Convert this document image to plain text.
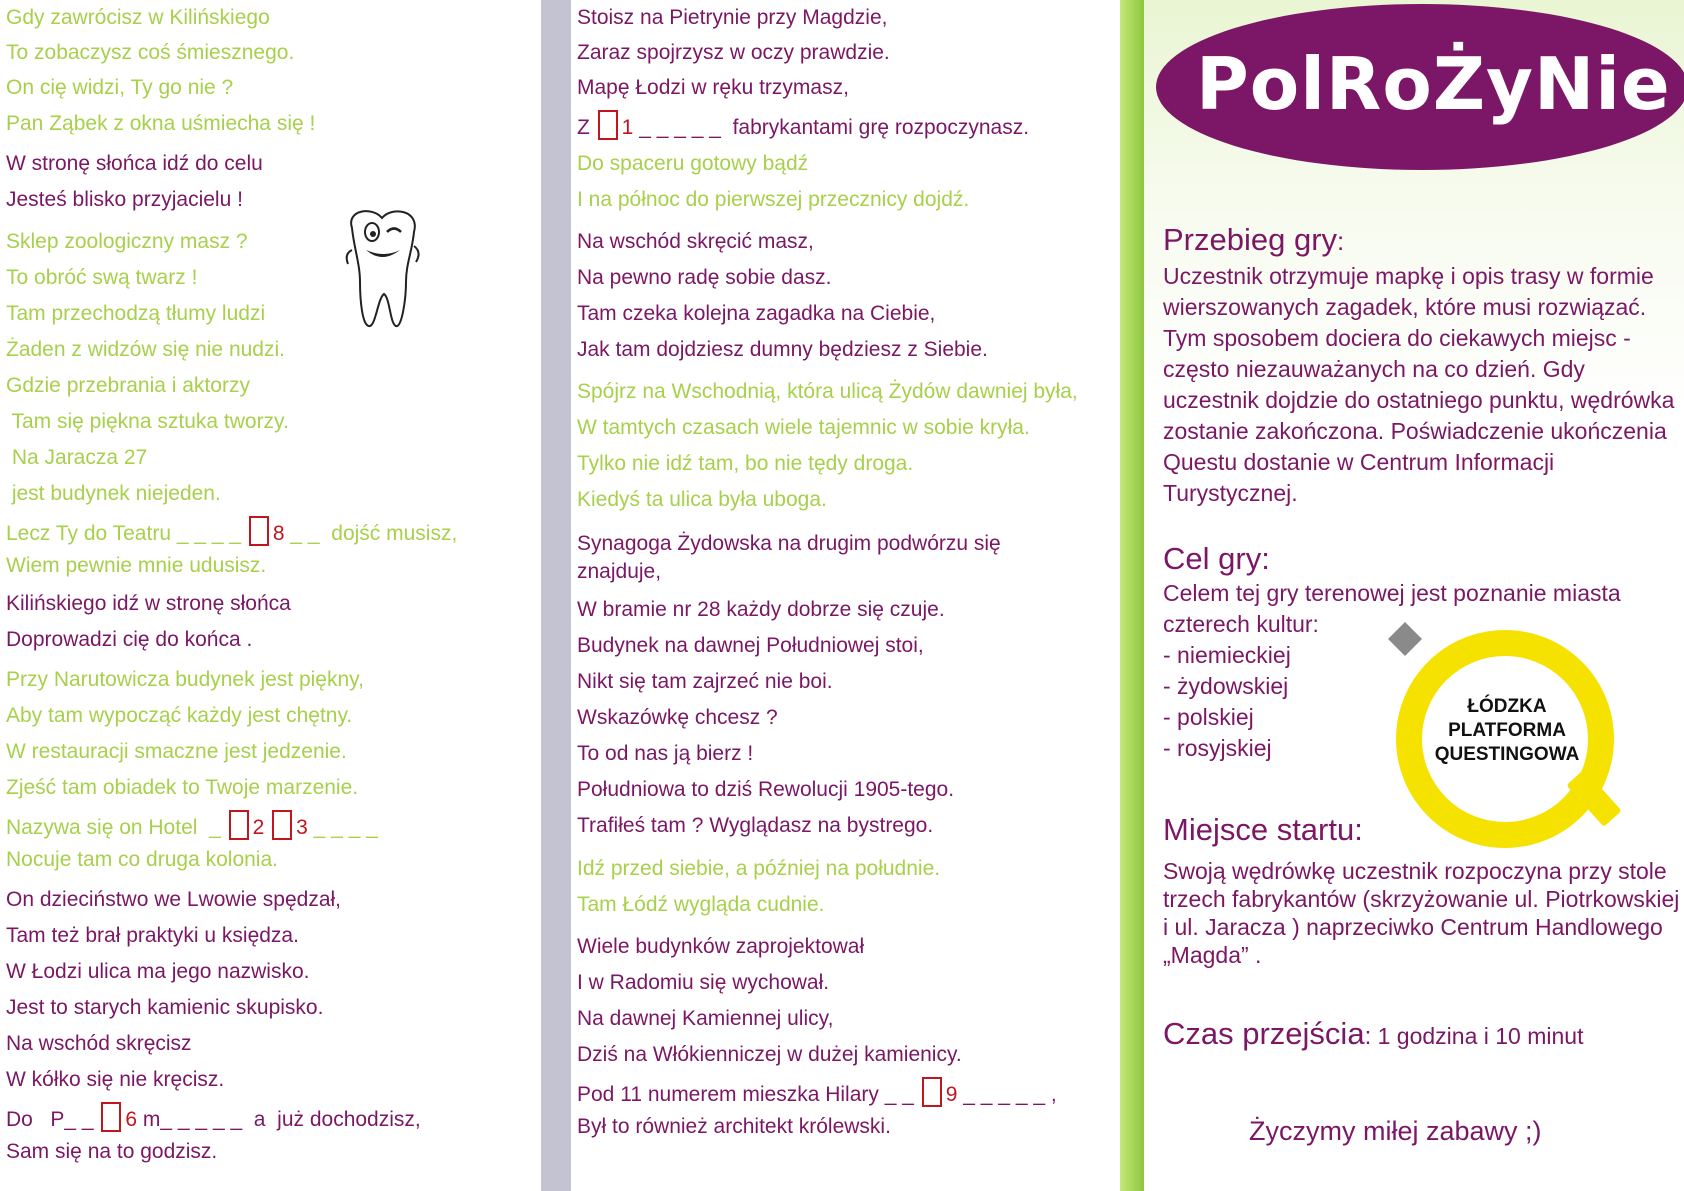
Gdy zawrócisz w Kilińskiego
To zobaczysz coś śmiesznego.
On cię widzi, Ty go nie ?
Pan Ząbek z okna uśmiecha się !
W stronę słońca idź do celu
Jesteś blisko przyjacielu !
Sklep zoologiczny masz ?
To obróć swą twarz !
Tam przechodzą tłumy ludzi
Żaden z widzów się nie nudzi.
Gdzie przebrania i aktorzy
Tam się piękna sztuka tworzy.
Na Jaracza 27
jest budynek niejeden.
Lecz Ty do Teatru _ _ _ _ 8 _ _  dojść musisz,
Wiem pewnie mnie udusisz.
Kilińskiego idź w stronę słońca
Doprowadzi cię do końca .
Przy Narutowicza budynek jest piękny,
Aby tam wypocząć każdy jest chętny.
W restauracji smaczne jest jedzenie.
Zjeść tam obiadek to Twoje marzenie.
Nazywa się on Hotel  _ 2 3 _ _ _ _
Nocuje tam co druga kolonia.
On dzieciństwo we Lwowie spędzał,
Tam też brał praktyki u księdza.
W Łodzi ulica ma jego nazwisko.
Jest to starych kamienic skupisko.
Na wschód skręcisz
W kółko się nie kręcisz.
Do   P_ _ 6 m_ _ _ _ _  a  już dochodzisz,
Sam się na to godzisz.
Stoisz na Pietrynie przy Magdzie,
Zaraz spojrzysz w oczy prawdzie.
Mapę Łodzi w ręku trzymasz,
Z 1 _ _ _ _ _  fabrykantami grę rozpoczynasz.
Do spaceru gotowy bądź
I na północ do pierwszej przecznicy dojdź.
Na wschód skręcić masz,
Na pewno radę sobie dasz.
Tam czeka kolejna zagadka na Ciebie,
Jak tam dojdziesz dumny będziesz z Siebie.
Spójrz na Wschodnią, która ulicą Żydów dawniej była,
W tamtych czasach wiele tajemnic w sobie kryła.
Tylko nie idź tam, bo nie tędy droga.
Kiedyś ta ulica była uboga.
Synagoga Żydowska na drugim podwórzu się znajduje,
W bramie nr 28 każdy dobrze się czuje.
Budynek na dawnej Południowej stoi,
Nikt się tam zajrzeć nie boi.
Wskazówkę chcesz ?
To od nas ją bierz !
Południowa to dziś Rewolucji 1905-tego.
Trafiłeś tam ? Wyglądasz na bystrego.
Idź przed siebie, a później na południe.
Tam Łódź wygląda cudnie.
Wiele budynków zaprojektował
I w Radomiu się wychował.
Na dawnej Kamiennej ulicy,
Dziś na Włókienniczej w dużej kamienicy.
Pod 11 numerem mieszka Hilary _ _ 9 _ _ _ _ _ ,
Był to również architekt królewski.
PolRoŻyNie
Przebieg gry:
Uczestnik otrzymuje mapkę i opis trasy w formie wierszowanych zagadek, które musi rozwiązać. Tym sposobem dociera do ciekawych miejsc - często niezauważanych na co dzień. Gdy uczestnik dojdzie do ostatniego punktu, wędrówka zostanie zakończona. Poświadczenie ukończenia Questu dostanie w Centrum Informacji Turystycznej.
Cel gry:
Celem tej gry terenowej jest poznanie miasta czterech kultur:
- niemieckiej
- żydowskiej
- polskiej
- rosyjskiej
ŁÓDZKA
PLATFORMA
QUESTINGOWA
Miejsce startu:
Swoją wędrówkę uczestnik rozpoczyna przy stole trzech fabrykantów (skrzyżowanie ul. Piotrkowskiej i ul. Jaracza ) naprzeciwko Centrum Handlowego „Magda” .
Czas przejścia: 1 godzina i 10 minut
Życzymy miłej zabawy ;)
